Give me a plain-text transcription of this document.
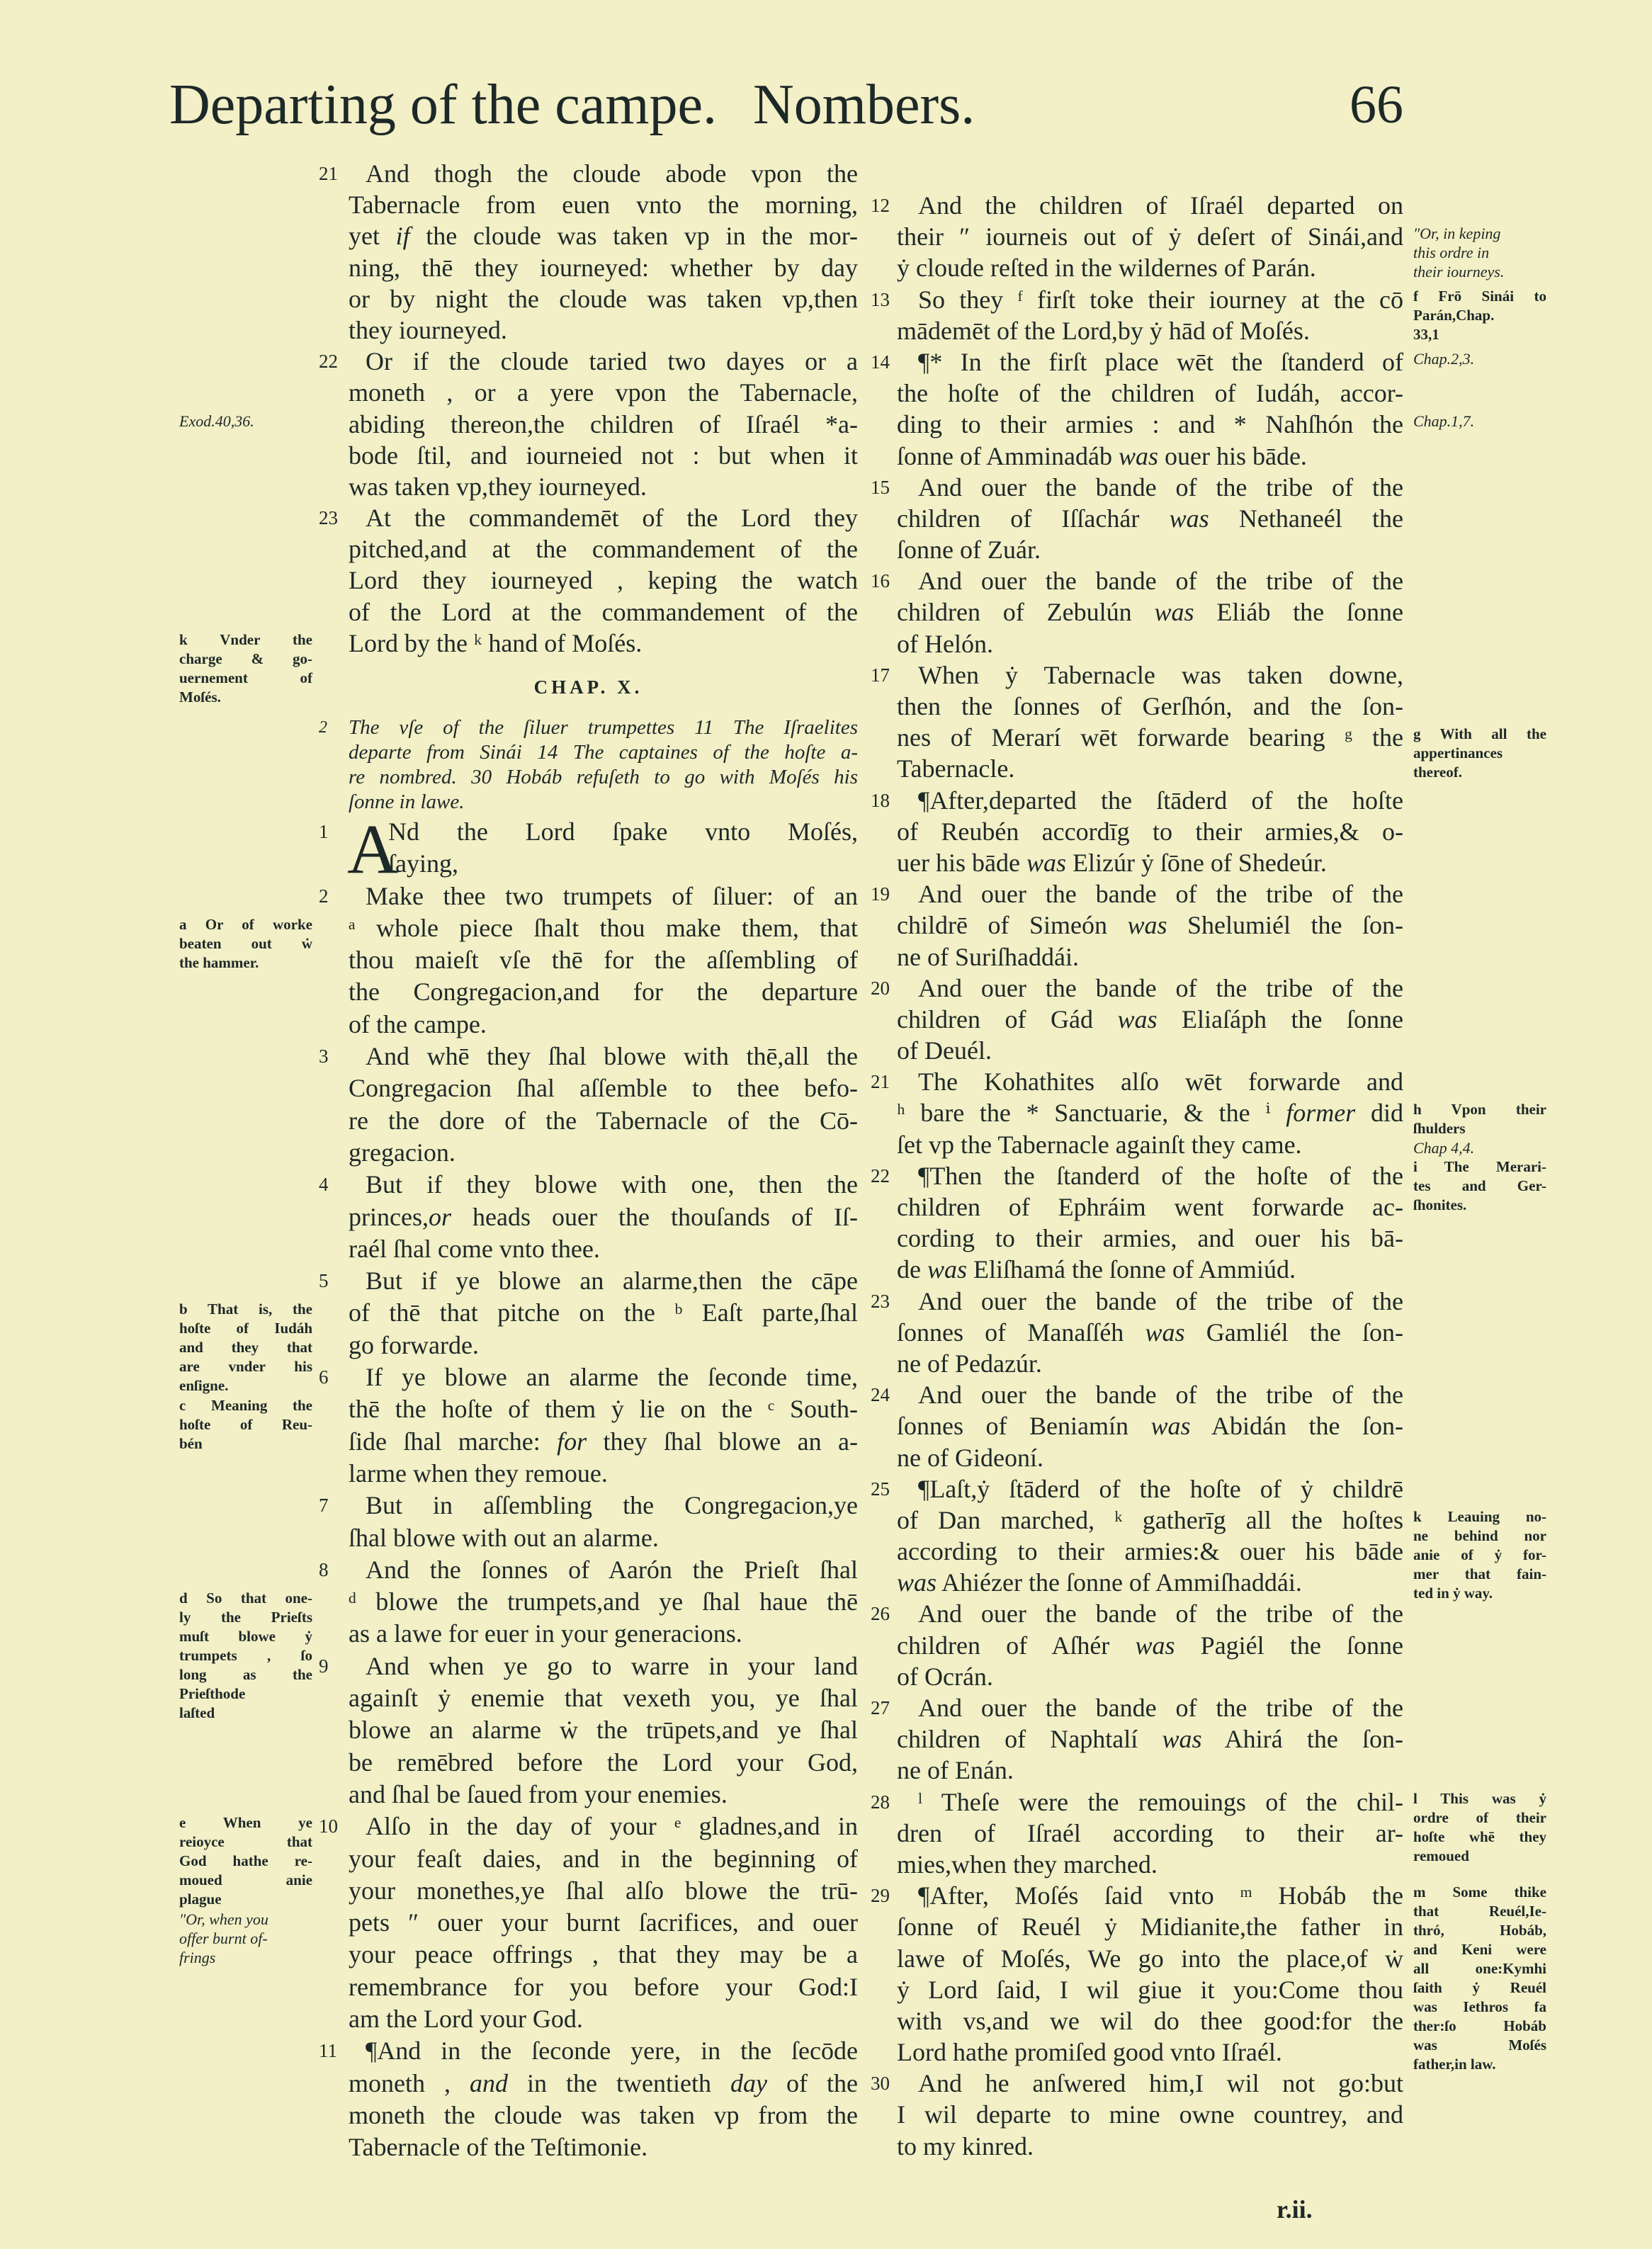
Departing of the campe. Nombers.	66
21 And thogh the cloude abode vpon the
Tabernacle from euen vnto the morning,
yet if the cloude was taken vp in the mor-
ning, thē they iourneyed: whether by day
or by night the cloude was taken vp,then
they iourneyed.
22 Or if the cloude taried two dayes or a
moneth , or a yere vpon the Tabernacle,
abiding thereon,the children of Iſraél *a-
Exod.40,36.
bode ſtil, and iourneied not : but when it
was taken vp,they iourneyed.
23 At the commandemēt of the Lord they
pitched,and at the commandement of the
Lord they iourneyed , keping the watch
of the Lord at the commandement of the
Lord by the ᵏ hand of Moſés.
k Vnder the
charge & go-
uernement of
Moſés.	CHAP. X.
2 The vſe of the ſiluer trumpettes 11 The Iſraelites
departe from Sinái 14 The captaines of the hoſte a-
re nombred. 30 Hobáb refuſeth to go with Moſés his
ſonne in lawe.
1 A
Nd the Lord ſpake vnto Moſés,
ſaying,
2 Make thee two trumpets of ſiluer: of an
ᵃ whole piece ſhalt thou make them, that
a Or of worke
beaten out ẇ
the hammer.	thou maieſt vſe thē for the aſſembling of
the Congregacion,and for the departure
of the campe.
3 And whē they ſhal blowe with thē,all the
Congregacion ſhal aſſemble to thee befo-
re the dore of the Tabernacle of the Cō-
gregacion.
4 But if they blowe with one, then the
princes,or heads ouer the thouſands of Iſ-
raél ſhal come vnto thee.
5 But if ye blowe an alarme,then the cāpe
of thē that pitche on the ᵇ Eaſt parte,ſhal
b That is, the
hoſte of Iudáh
and they that
are vnder his
enſigne.
go forwarde.
6 If ye blowe an alarme the ſeconde time,
thē the hoſte of them ẏ lie on the ᶜ South-
c Meaning the
hoſte of Reu-
bén	ſide ſhal marche: for they ſhal blowe an a-
larme when they remoue.
7 But in aſſembling the Congregacion,ye
ſhal blowe with out an alarme.
8 And the ſonnes of Aarón the Prieſt ſhal
ᵈ blowe the trumpets,and ye ſhal haue thē
d So that one-
ly the Prieſts
muſt blowe ẏ
trumpets , ſo
long as the
Prieſthode
laſted
as a lawe for euer in your generacions.
9 And when ye go to warre in your land
againſt ẏ enemie that vexeth you, ye ſhal
blowe an alarme ẇ the trūpets,and ye ſhal
be remēbred before the Lord your God,
and ſhal be ſaued from your enemies.
10 Alſo in the day of your ᵉ gladnes,and in
e When ye
reioyce that
God hathe re-
moued anie
plague
your feaſt daies, and in the beginning of
your monethes,ye ſhal alſo blowe the trū-
pets ″ ouer your burnt ſacrifices, and ouer
″Or, when you
offer burnt of-
frings	your peace offrings , that they may be a
remembrance for you before your God:I
am the Lord your God.
11 ¶And in the ſeconde yere, in the ſecōde
moneth , and in the twentieth day of the
moneth the cloude was taken vp from the
Tabernacle of the Teſtimonie.
12 And the children of Iſraél departed on
their ″ iourneis out of ẏ deſert of Sinái,and ″Or, in keping
this ordre in
their iourneys.
ẏ cloude reſted in the wildernes of Parán.
13 So they ᶠ firſt toke their iourney at the cō f Frō Sinái to
Parán,Chap.
33,1
mādemēt of the Lord,by ẏ hād of Moſés.
14 ¶* In the firſt place wēt the ſtanderd of Chap.2,3.
the hoſte of the children of Iudáh, accor-
ding to their armies : and * Nahſhón the Chap.1,7.
ſonne of Amminadáb was ouer his bāde.
15 And ouer the bande of the tribe of the
children of Iſſachár was Nethaneél the
ſonne of Zuár.
16 And ouer the bande of the tribe of the
children of Zebulún was Eliáb the ſonne
of Helón.
17 When ẏ Tabernacle was taken downe,
then the ſonnes of Gerſhón, and the ſon-
nes of Merarí wēt forwarde bearing ᵍ the g With all the
appertinances
thereof.
Tabernacle.
18 ¶After,departed the ſtāderd of the hoſte
of Reubén accordīg to their armies,& o-
uer his bāde was Elizúr ẏ ſōne of Shedeúr.
19 And ouer the bande of the tribe of the
childrē of Simeón was Shelumiél the ſon-
ne of Suriſhaddái.
20 And ouer the bande of the tribe of the
children of Gád was Eliaſáph the ſonne
of Deuél.
21 The Kohathites alſo wēt forwarde and
ʰ bare the * Sanctuarie, & the ⁱ former did h Vpon their
ſhulders
Chap 4,4.
i The Merari-
tes and Ger-
ſhonites.
ſet vp the Tabernacle againſt they came.
22 ¶Then the ſtanderd of the hoſte of the
children of Ephráim went forwarde ac-
cording to their armies, and ouer his bā-
de was Eliſhamá the ſonne of Ammiúd.
23 And ouer the bande of the tribe of the
ſonnes of Manaſſéh was Gamliél the ſon-
ne of Pedazúr.
24 And ouer the bande of the tribe of the
ſonnes of Beniamín was Abidán the ſon-
ne of Gideoní.
25 ¶Laſt,ẏ ſtāderd of the hoſte of ẏ childrē
of Dan marched, ᵏ gatherīg all the hoſtes k Leauing no-
ne behind nor
anie of ẏ for-
mer that fain-
ted in ẏ way.
according to their armies:& ouer his bāde
was Ahiézer the ſonne of Ammiſhaddái.
26 And ouer the bande of the tribe of the
children of Aſhér was Pagiél the ſonne
of Ocrán.
27 And ouer the bande of the tribe of the
children of Naphtalí was Ahirá the ſon-
ne of Enán.
28 ˡ Theſe were the remouings of the chil- l This was ẏ
ordre of their
hoſte whē they
remoued
dren of Iſraél according to their ar-
mies,when they marched.
29 ¶After, Moſés ſaid vnto ᵐ Hobáb the m Some thike
that Reuél,Ie-
thró, Hobáb,
and Keni were
all one:Kymhi
ſaith ẏ Reuél
was Iethros fa
ther:ſo Hobáb
was Moſés
father,in law.
ſonne of Reuél ẏ Midianite,the father in
lawe of Moſés, We go into the place,of ẇ
ẏ Lord ſaid, I wil giue it you:Come thou
with vs,and we wil do thee good:for the
Lord hathe promiſed good vnto Iſraél.
30 And he anſwered him,I wil not go:but
I wil departe to mine owne countrey, and
to my kinred.
r.ii.
